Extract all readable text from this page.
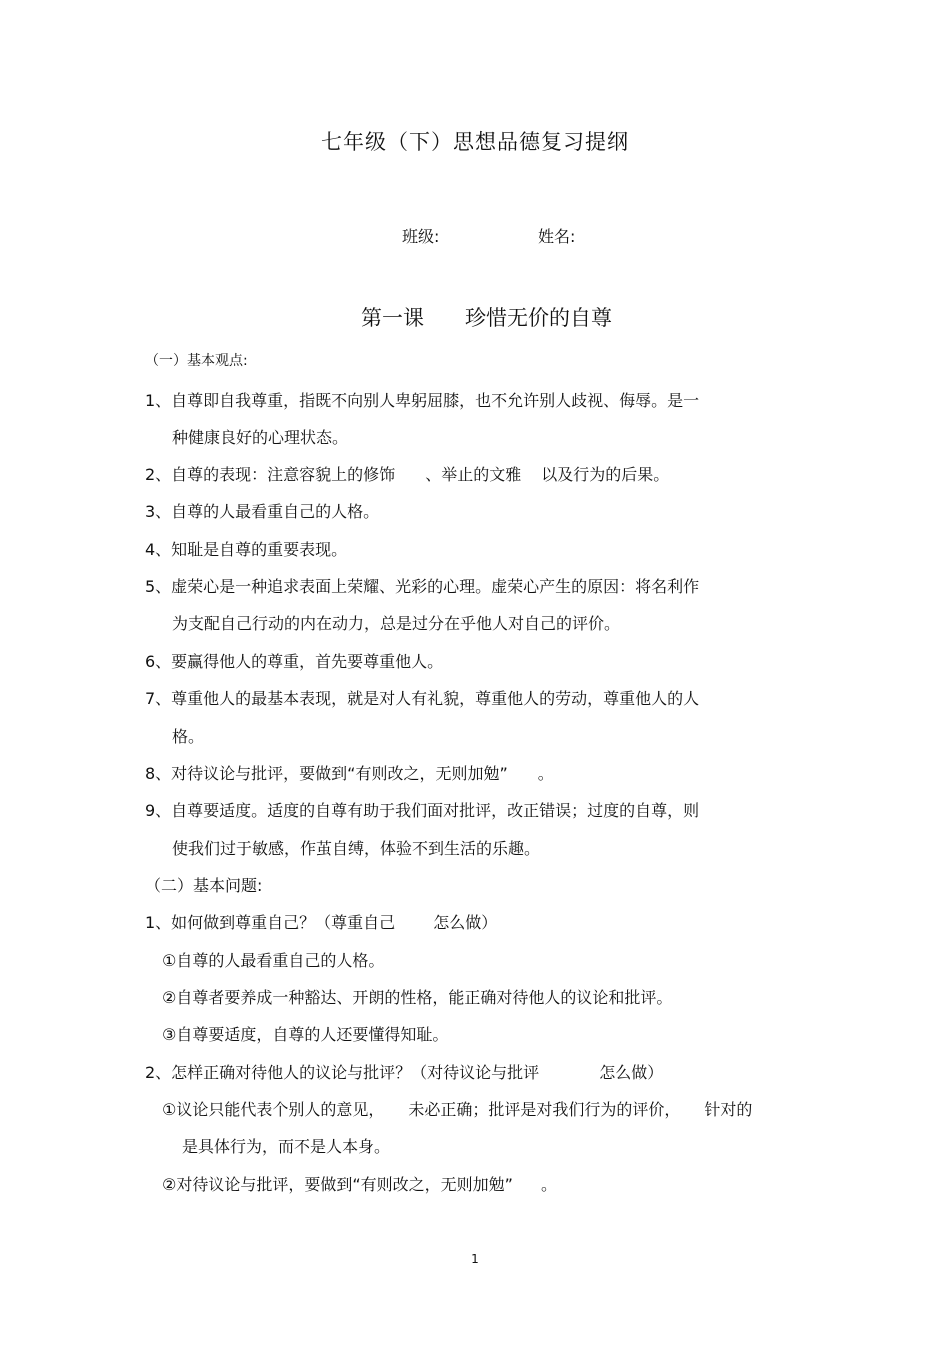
七年级（下）思想品德复习提纲
班级:	姓名:
第一课 珍惜无价的自尊
（一）基本观点:
1、自尊即自我尊重，指既不向别人卑躬屈膝，也不允许别人歧视、侮辱。是一
种健康良好的心理状态。
2、自尊的表现：注意容貌上的修饰 、举止的文雅 以及行为的后果。
3、自尊的人最看重自己的人格。
4、知耻是自尊的重要表现。
5、虚荣心是一种追求表面上荣耀、光彩的心理。虚荣心产生的原因：将名利作
为支配自己行动的内在动力，总是过分在乎他人对自己的评价。
6、要赢得他人的尊重，首先要尊重他人。
7、尊重他人的最基本表现，就是对人有礼貌，尊重他人的劳动，尊重他人的人
格。
8、对待议论与批评，要做到“有则改之，无则加勉” 。
9、自尊要适度。适度的自尊有助于我们面对批评，改正错误；过度的自尊，则
使我们过于敏感，作茧自缚，体验不到生活的乐趣。
（二）基本问题:
1、如何做到尊重自己？（尊重自己 怎么做）
①自尊的人最看重自己的人格。
②自尊者要养成一种豁达、开朗的性格，能正确对待他人的议论和批评。
③自尊要适度，自尊的人还要懂得知耻。
2、怎样正确对待他人的议论与批评？（对待议论与批评	怎么做）
①议论只能代表个别人的意见， 未必正确；批评是对我们行为的评价， 针对的
是具体行为，而不是人本身。
②对待议论与批评，要做到“有则改之，无则加勉” 。
1
